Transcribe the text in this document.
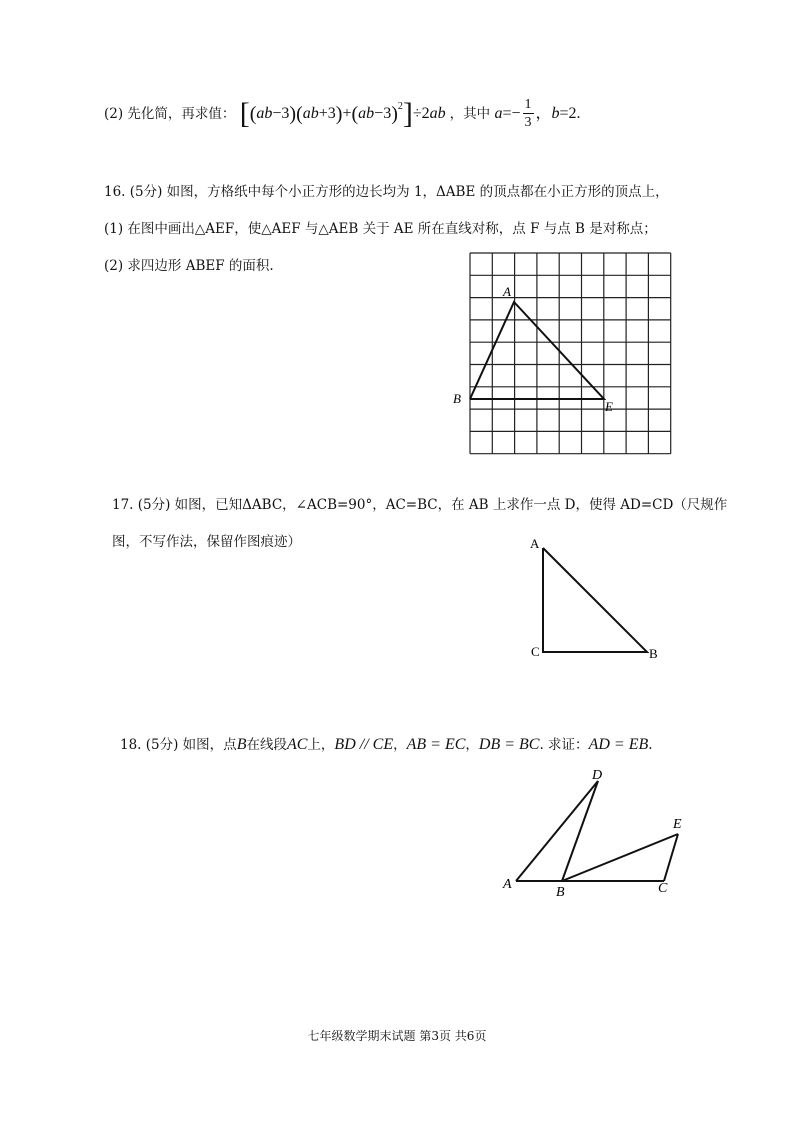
(2) 先化简，再求值： $[(ab-3)(ab+3)+(ab-3)^2]\div 2ab$ ，其中 $a=- \frac{1}{3}$ ，b=2.
16. (5分) 如图，方格纸中每个小正方形的边长均为 1，ΔABE 的顶点都在小正方形的顶点上，
(1) 在图中画出△AEF，使△AEF 与△AEB 关于 AE 所在直线对称，点 F 与点 B 是对称点；
(2) 求四边形 ABEF 的面积.
A
B
E
17. (5分) 如图，已知ΔABC，∠ACB=90°，AC=BC，在 AB 上求作一点 D，使得 AD=CD（尺规作
图，不写作法，保留作图痕迹）	A
C	B
18. (5分) 如图，点B在线段AC上，BD // CE，AB = EC，DB = BC. 求证：AD = EB.
A
B	C
D
E
七年级数学期末试题 第3页 共6页
